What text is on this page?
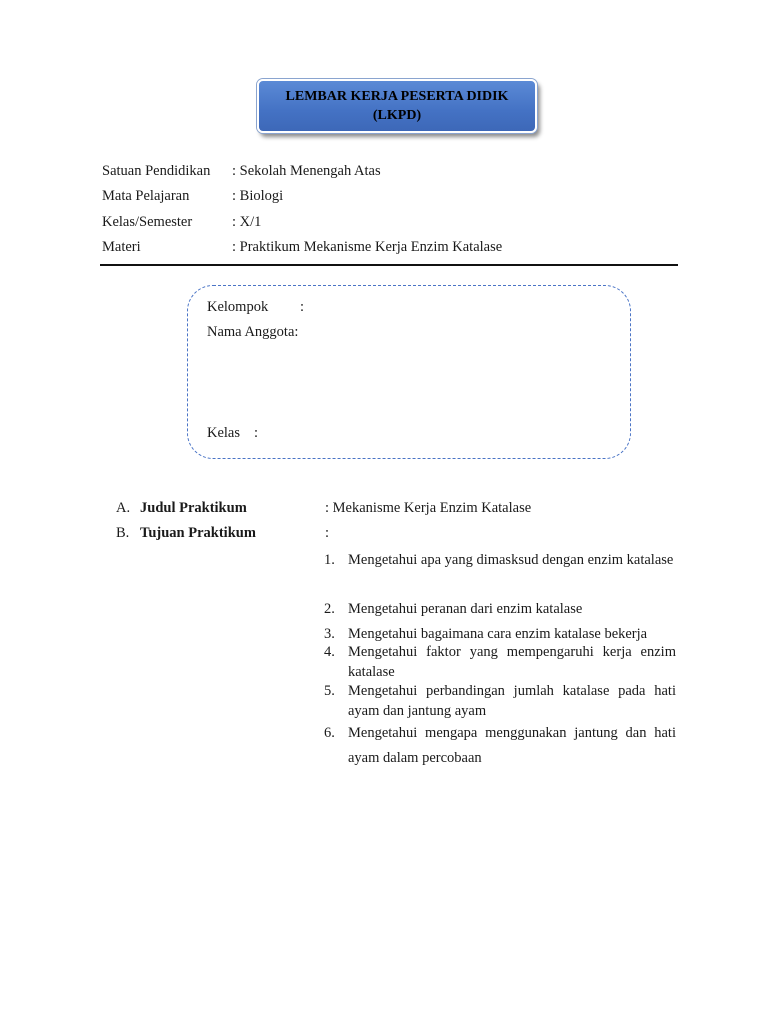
LEMBAR KERJA PESERTA DIDIK
(LKPD)
Satuan Pendidikan : Sekolah Menengah Atas
Mata Pelajaran	: Biologi
Kelas/Semester	: X/1
Materi	: Praktikum Mekanisme Kerja Enzim Katalase
Kelompok :
Nama Anggota:
Kelas :
A. Judul Praktikum	: Mekanisme Kerja Enzim Katalase
B. Tujuan Praktikum	:
1. Mengetahui apa yang dimasksud dengan enzim katalase
2. Mengetahui peranan dari enzim katalase
3. Mengetahui bagaimana cara enzim katalase bekerja
4. Mengetahui faktor yang mempengaruhi kerja enzim katalase
5. Mengetahui perbandingan jumlah katalase pada hati ayam dan jantung ayam
6. Mengetahui mengapa menggunakan jantung dan hati ayam dalam percobaan
